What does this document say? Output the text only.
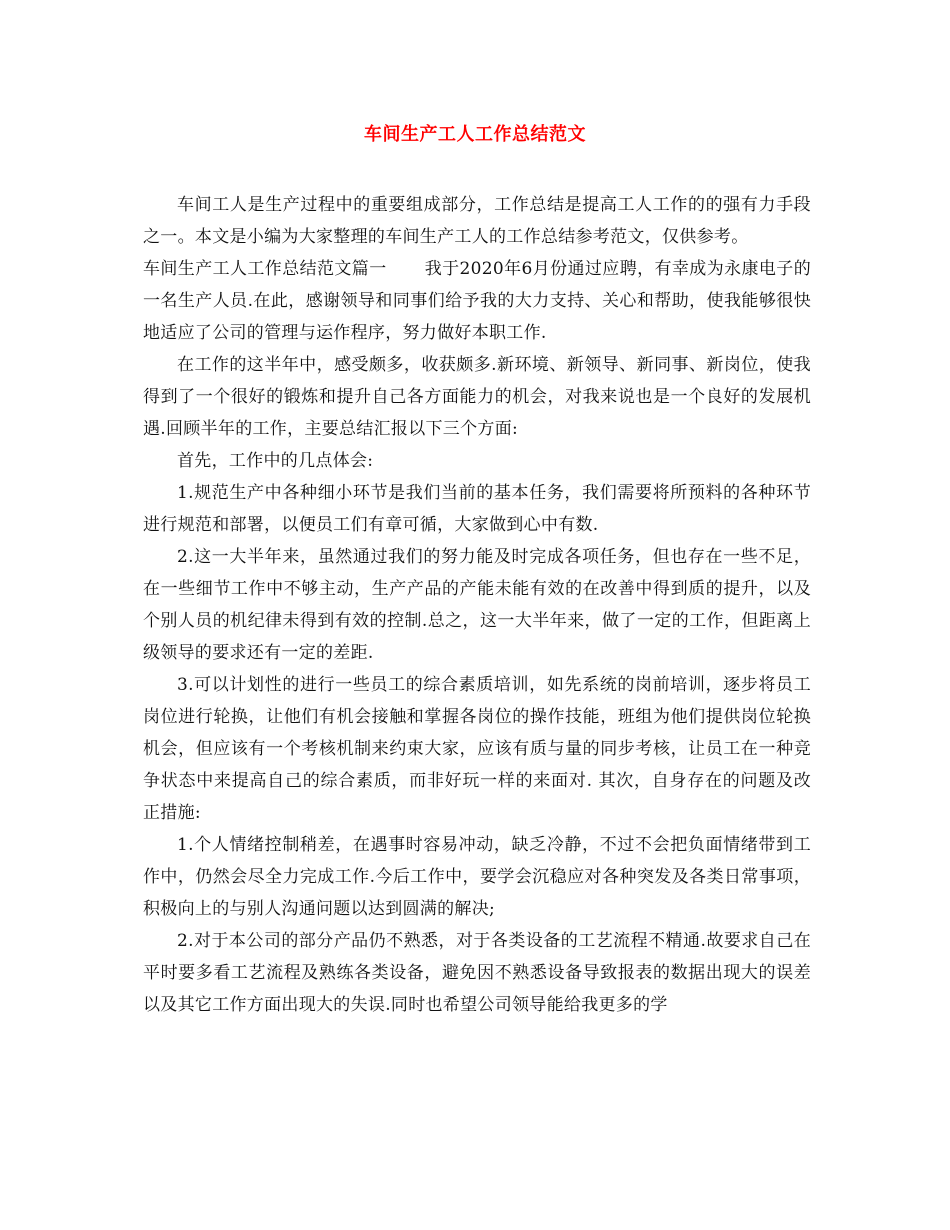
车间生产工人工作总结范文

车间工人是生产过程中的重要组成部分，工作总结是提高工人工作的的强有力手段之一。本文是小编为大家整理的车间生产工人的工作总结参考范文，仅供参考。

车间生产工人工作总结范文篇一 我于2020年6月份通过应聘，有幸成为永康电子的一名生产人员.在此，感谢领导和同事们给予我的大力支持、关心和帮助，使我能够很快地适应了公司的管理与运作程序，努力做好本职工作.

在工作的这半年中，感受颇多，收获颇多.新环境、新领导、新同事、新岗位，使我得到了一个很好的锻炼和提升自己各方面能力的机会，对我来说也是一个良好的发展机遇.回顾半年的工作，主要总结汇报以下三个方面:

首先，工作中的几点体会:

1.规范生产中各种细小环节是我们当前的基本任务，我们需要将所预料的各种环节进行规范和部署，以便员工们有章可循，大家做到心中有数.

2.这一大半年来，虽然通过我们的努力能及时完成各项任务，但也存在一些不足，在一些细节工作中不够主动，生产产品的产能未能有效的在改善中得到质的提升，以及个别人员的机纪律未得到有效的控制.总之，这一大半年来，做了一定的工作，但距离上级领导的要求还有一定的差距.

3.可以计划性的进行一些员工的综合素质培训，如先系统的岗前培训，逐步将员工岗位进行轮换，让他们有机会接触和掌握各岗位的操作技能，班组为他们提供岗位轮换机会，但应该有一个考核机制来约束大家，应该有质与量的同步考核，让员工在一种竞争状态中来提高自己的综合素质，而非好玩一样的来面对. 其次，自身存在的问题及改正措施:

1.个人情绪控制稍差，在遇事时容易冲动，缺乏冷静，不过不会把负面情绪带到工作中，仍然会尽全力完成工作.今后工作中，要学会沉稳应对各种突发及各类日常事项，积极向上的与别人沟通问题以达到圆满的解决;

2.对于本公司的部分产品仍不熟悉，对于各类设备的工艺流程不精通.故要求自己在平时要多看工艺流程及熟练各类设备，避免因不熟悉设备导致报表的数据出现大的误差以及其它工作方面出现大的失误.同时也希望公司领导能给我更多的学
